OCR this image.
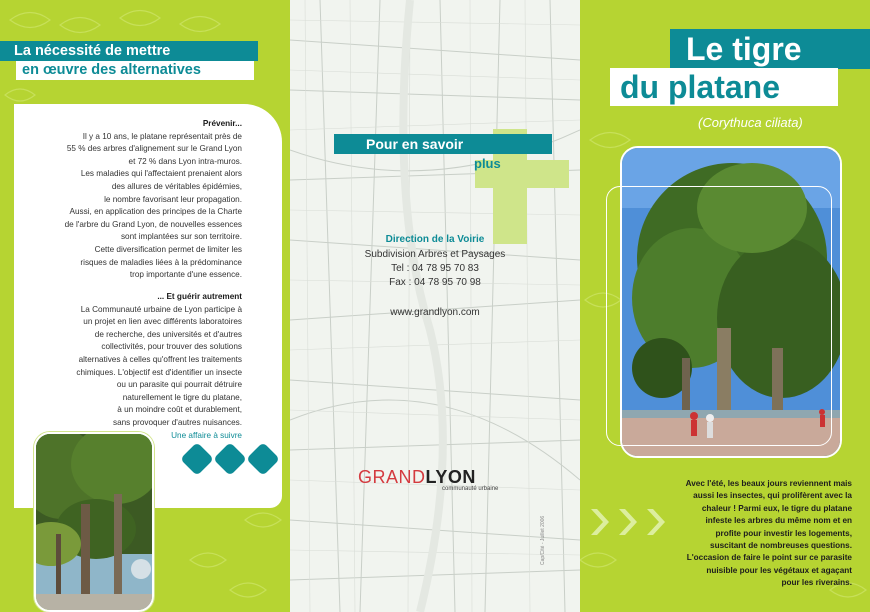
La nécessité de mettre
en œuvre des alternatives
Prévenir...
Il y a 10 ans, le platane représentait près de
55 % des arbres d'alignement sur le Grand Lyon
et 72 % dans Lyon intra-muros.
Les maladies qui l'affectaient prenaient alors
des allures de véritables épidémies,
le nombre favorisant leur propagation.
Aussi, en application des principes de la Charte
de l'arbre du Grand Lyon, de nouvelles essences
sont implantées sur son territoire.
Cette diversification permet de limiter les
risques de maladies liées à la prédominance
trop importante d'une essence.
... Et guérir autrement
La Communauté urbaine de Lyon participe à
un projet en lien avec différents laboratoires
de recherche, des universités et d'autres
collectivités, pour trouver des solutions
alternatives à celles qu'offrent les traitements
chimiques. L'objectif est d'identifier un insecte
ou un parasite qui pourrait détruire
naturellement le tigre du platane,
à un moindre coût et durablement,
sans provoquer d'autres nuisances.
Une affaire à suivre
Pour en savoir
plus
Direction de la Voirie
Subdivision Arbres et Paysages
Tel : 04 78 95 70 83
Fax : 04 78 95 70 98
www.grandlyon.com
GRANDLYON
communauté urbaine
Cap/Cité - Juillet 2006
Le tigre
du platane
(Corythuca ciliata)
Avec l'été, les beaux jours reviennent mais
aussi les insectes, qui prolifèrent avec la
chaleur ! Parmi eux, le tigre du platane
infeste les arbres du même nom et en
profite pour investir les logements,
suscitant de nombreuses questions.
L'occasion de faire le point sur ce parasite
nuisible pour les végétaux et agaçant
pour les riverains.
